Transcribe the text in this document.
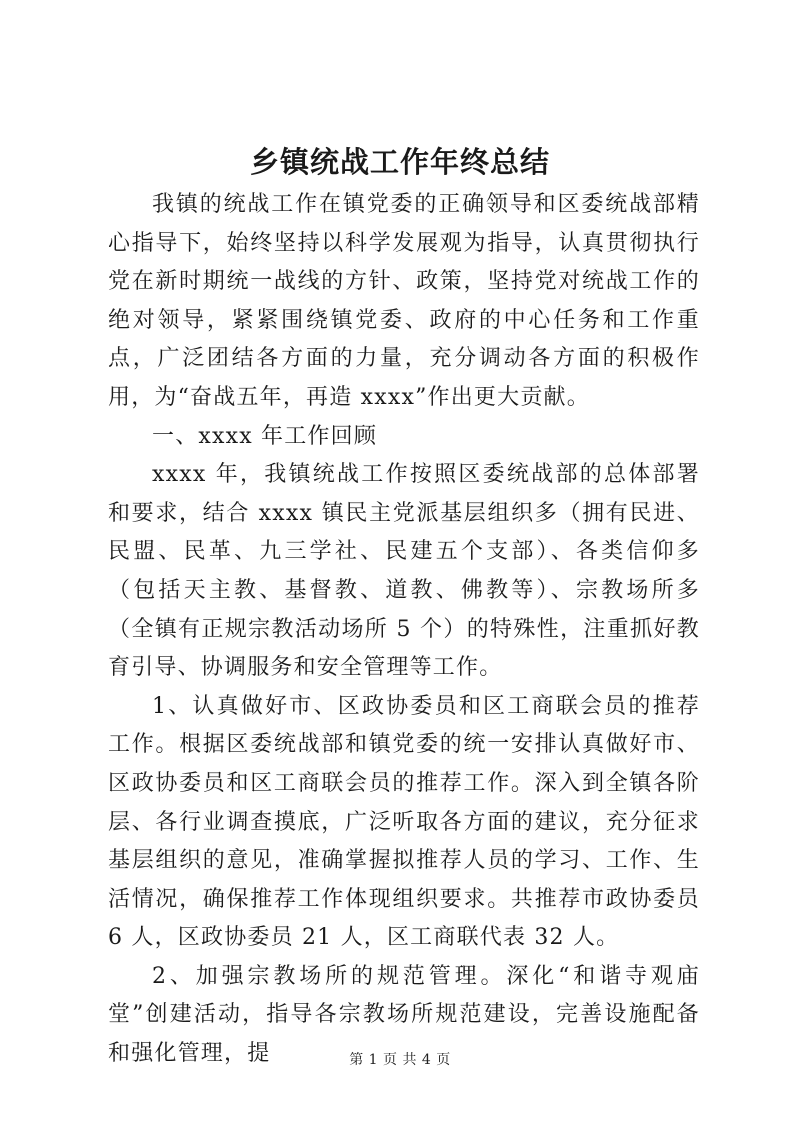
乡镇统战工作年终总结

我镇的统战工作在镇党委的正确领导和区委统战部精心指导下，始终坚持以科学发展观为指导，认真贯彻执行党在新时期统一战线的方针、政策，坚持党对统战工作的绝对领导，紧紧围绕镇党委、政府的中心任务和工作重点，广泛团结各方面的力量，充分调动各方面的积极作用，为“奋战五年，再造 xxxx”作出更大贡献。

一、xxxx 年工作回顾

xxxx 年，我镇统战工作按照区委统战部的总体部署和要求，结合 xxxx 镇民主党派基层组织多（拥有民进、民盟、民革、九三学社、民建五个支部）、各类信仰多（包括天主教、基督教、道教、佛教等）、宗教场所多（全镇有正规宗教活动场所 5 个）的特殊性，注重抓好教育引导、协调服务和安全管理等工作。

1、认真做好市、区政协委员和区工商联会员的推荐工作。根据区委统战部和镇党委的统一安排认真做好市、区政协委员和区工商联会员的推荐工作。深入到全镇各阶层、各行业调查摸底，广泛听取各方面的建议，充分征求基层组织的意见，准确掌握拟推荐人员的学习、工作、生活情况，确保推荐工作体现组织要求。共推荐市政协委员 6 人，区政协委员 21 人，区工商联代表 32 人。

2、加强宗教场所的规范管理。深化“和谐寺观庙堂”创建活动，指导各宗教场所规范建设，完善设施配备和强化管理，提	第 1 页 共 4 页
